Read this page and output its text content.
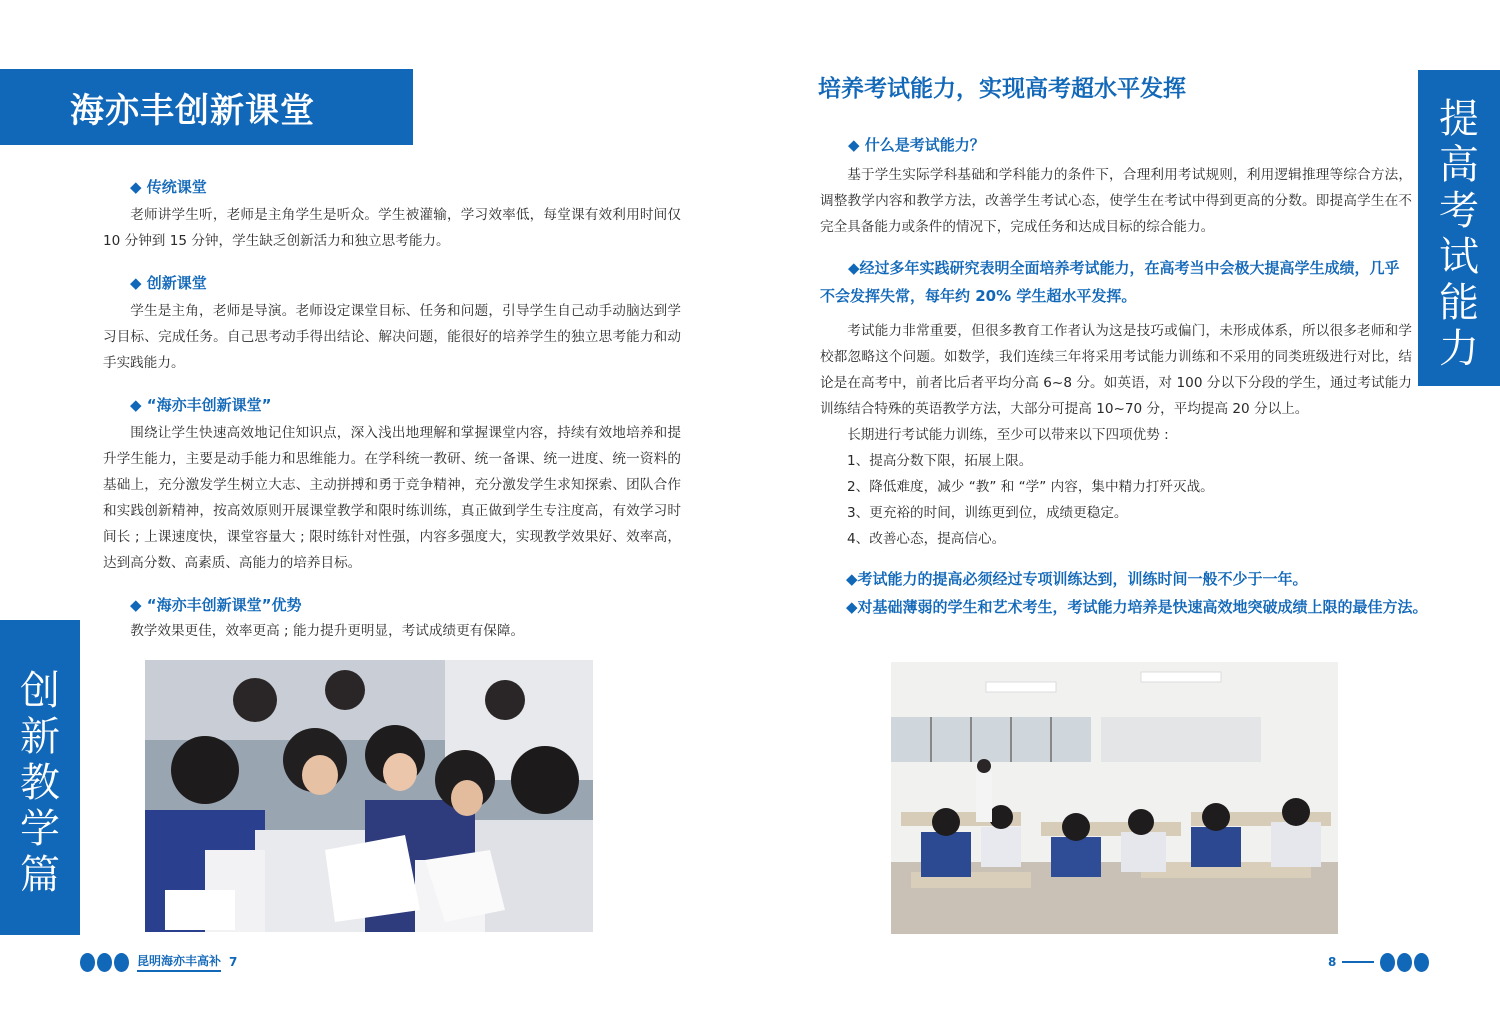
海亦丰创新课堂
◆ 传统课堂
老师讲学生听，老师是主角学生是听众。学生被灌输，学习效率低，每堂课有效利用时间仅 10 分钟到 15 分钟，学生缺乏创新活力和独立思考能力。
◆ 创新课堂
学生是主角，老师是导演。老师设定课堂目标、任务和问题，引导学生自己动手动脑达到学习目标、完成任务。自己思考动手得出结论、解决问题，能很好的培养学生的独立思考能力和动手实践能力。
◆ “海亦丰创新课堂”
围绕让学生快速高效地记住知识点，深入浅出地理解和掌握课堂内容，持续有效地培养和提升学生能力，主要是动手能力和思维能力。在学科统一教研、统一备课、统一进度、统一资料的基础上，充分激发学生树立大志、主动拼搏和勇于竞争精神，充分激发学生求知探索、团队合作和实践创新精神，按高效原则开展课堂教学和限时练训练，真正做到学生专注度高，有效学习时间长 ; 上课速度快，课堂容量大 ; 限时练针对性强，内容多强度大，实现教学效果好、效率高，达到高分数、高素质、高能力的培养目标。
◆ “海亦丰创新课堂”优势
教学效果更佳，效率更高 ; 能力提升更明显，考试成绩更有保障。
创
新
教
学
篇
昆明海亦丰高补 7
培养考试能力，实现高考超水平发挥
◆ 什么是考试能力？
基于学生实际学科基础和学科能力的条件下，合理利用考试规则，利用逻辑推理等综合方法，调整教学内容和教学方法，改善学生考试心态，使学生在考试中得到更高的分数。即提高学生在不完全具备能力或条件的情况下，完成任务和达成目标的综合能力。
◆经过多年实践研究表明全面培养考试能力，在高考当中会极大提高学生成绩，几乎不会发挥失常，每年约 20% 学生超水平发挥。
考试能力非常重要，但很多教育工作者认为这是技巧或偏门，未形成体系，所以很多老师和学校都忽略这个问题。如数学，我们连续三年将采用考试能力训练和不采用的同类班级进行对比，结论是在高考中，前者比后者平均分高 6~8 分。如英语，对 100 分以下分段的学生，通过考试能力训练结合特殊的英语教学方法，大部分可提高 10~70 分，平均提高 20 分以上。
长期进行考试能力训练，至少可以带来以下四项优势 :
1、提高分数下限，拓展上限。
2、降低难度，减少 “教” 和 “学” 内容，集中精力打歼灭战。
3、更充裕的时间，训练更到位，成绩更稳定。
4、改善心态，提高信心。
◆考试能力的提高必须经过专项训练达到，训练时间一般不少于一年。
◆对基础薄弱的学生和艺术考生，考试能力培养是快速高效地突破成绩上限的最佳方法。
提
高
考
试
能
力
8
